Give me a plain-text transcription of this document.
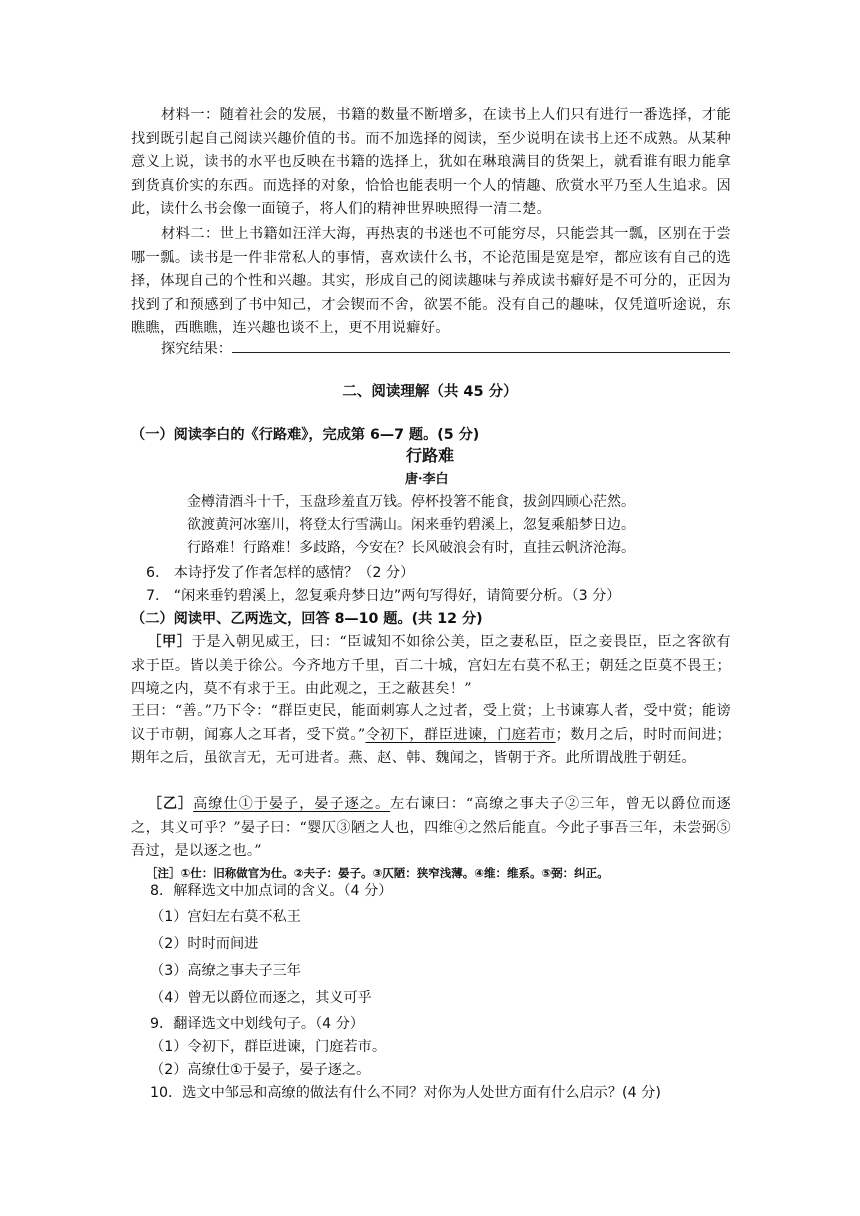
材料一：随着社会的发展，书籍的数量不断增多，在读书上人们只有进行一番选择，才能找到既引起自己阅读兴趣价值的书。而不加选择的阅读，至少说明在读书上还不成熟。从某种意义上说，读书的水平也反映在书籍的选择上，犹如在琳琅满目的货架上，就看谁有眼力能拿到货真价实的东西。而选择的对象，恰恰也能表明一个人的情趣、欣赏水平乃至人生追求。因此，读什么书会像一面镜子，将人们的精神世界映照得一清二楚。
材料二：世上书籍如汪洋大海，再热衷的书迷也不可能穷尽，只能尝其一瓢，区别在于尝哪一瓢。读书是一件非常私人的事情，喜欢读什么书，不论范围是宽是窄，都应该有自己的选择，体现自己的个性和兴趣。其实，形成自己的阅读趣味与养成读书癖好是不可分的，正因为找到了和预感到了书中知己，才会锲而不舍，欲罢不能。没有自己的趣味，仅凭道听途说，东瞧瞧，西瞧瞧，连兴趣也谈不上，更不用说癖好。
探究结果：
二、阅读理解（共 45 分）
（一）阅读李白的《行路难》，完成第 6—7 题。(5 分)
行路难
唐·李白
金樽清酒斗十千，玉盘珍羞直万钱。停杯投箸不能食，拔剑四顾心茫然。
欲渡黄河冰塞川，将登太行雪满山。闲来垂钓碧溪上，忽复乘船梦日边。
行路难！行路难！多歧路，今安在？长风破浪会有时，直挂云帆济沧海。
6.　本诗抒发了作者怎样的感情？（2 分）
7.　“闲来垂钓碧溪上，忽复乘舟梦日边”两句写得好，请简要分析。（3 分）
（二）阅读甲、乙两选文，回答 8—10 题。(共 12 分)
［甲］于是入朝见威王，曰：“臣诚知不如徐公美，臣之妻私臣，臣之妾畏臣，臣之客欲有求于臣。皆以美于徐公。今齐地方千里，百二十城，宫妇左右莫不私王；朝廷之臣莫不畏王；四境之内，莫不有求于王。由此观之，王之蔽甚矣！”
王曰：“善。”乃下令：“群臣吏民，能面刺寡人之过者，受上赏；上书谏寡人者，受中赏；能谤议于市朝，闻寡人之耳者，受下赏。”令初下，群臣进谏，门庭若市；数月之后，时时而间进；期年之后，虽欲言无，无可进者。燕、赵、韩、魏闻之，皆朝于齐。此所谓战胜于朝廷。
［乙］高缭仕①于晏子，晏子逐之。左右谏曰：“高缭之事夫子②三年，曾无以爵位而逐之，其义可乎？”晏子曰：“婴仄③陋之人也，四维④之然后能直。今此子事吾三年，未尝弼⑤吾过，是以逐之也。”
［注］①仕：旧称做官为仕。②夫子：晏子。③仄陋：狭窄浅薄。④维：维系。⑤弼：纠正。
8．解释选文中加点词的含义。（4 分）
（1）宫妇左右莫不私王
（2）时时而间进
（3）高缭之事夫子三年
（4）曾无以爵位而逐之，其义可乎
9．翻译选文中划线句子。（4 分）
（1）令初下，群臣进谏，门庭若市。
（2）高缭仕①于晏子，晏子逐之。
10．选文中邹忌和高缭的做法有什么不同？对你为人处世方面有什么启示？(4 分)
